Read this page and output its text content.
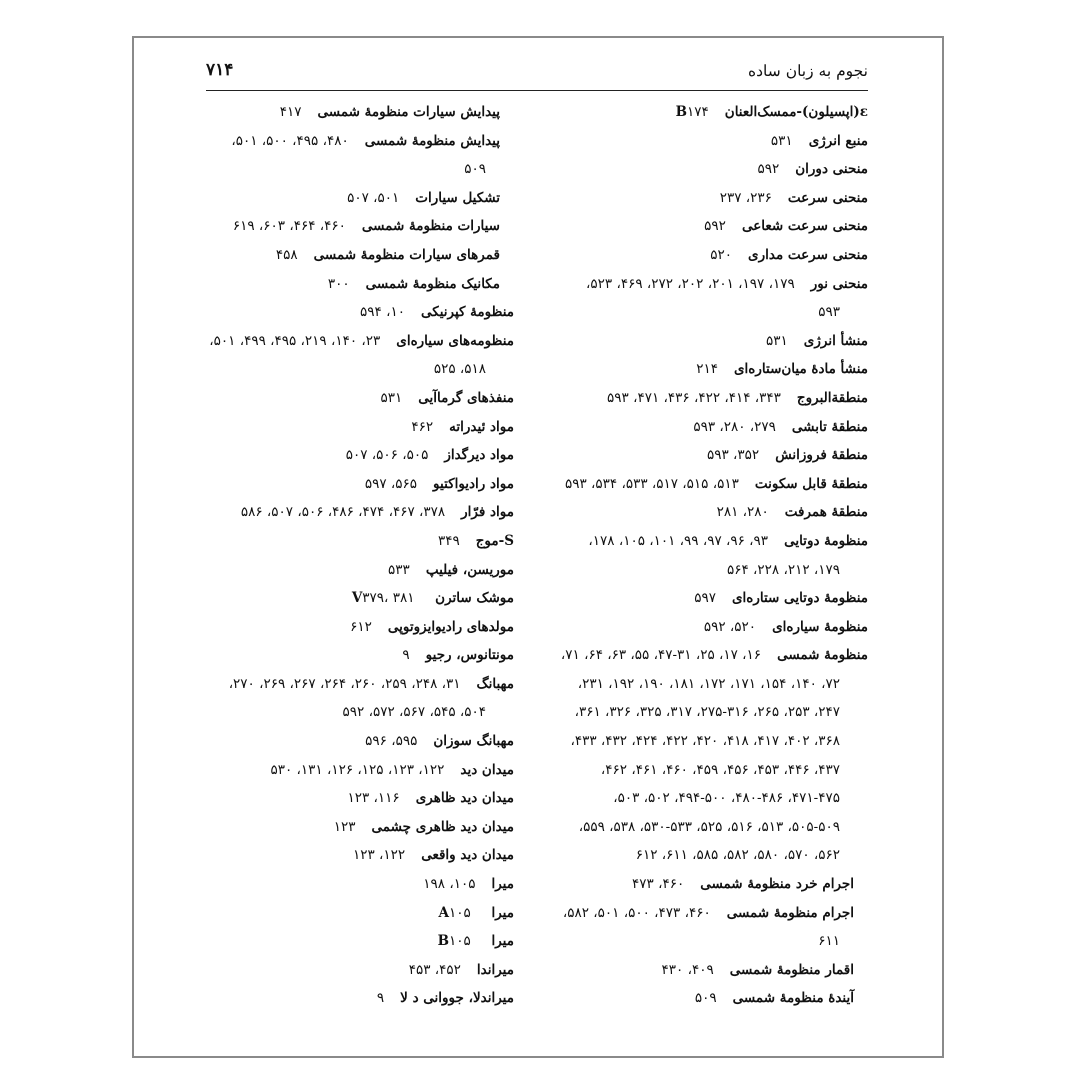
نجوم به زبان ساده
۷۱۴
ε(اپسیلون)-ممسک‌العنانB۱۷۴
منبع انرژی۵۳۱
منحنی دوران۵۹۲
منحنی سرعت۲۳۶، ۲۳۷
منحنی سرعت شعاعی۵۹۲
منحنی سرعت مداری۵۲۰
منحنی نور۱۷۹، ۱۹۷، ۲۰۱، ۲۰۲، ۲۷۲، ۴۶۹، ۵۲۳،
۵۹۳
منشأ انرژی۵۳۱
منشأ مادهٔ میان‌ستاره‌ای۲۱۴
منطقة‌البروج۳۴۳، ۴۱۴، ۴۲۲، ۴۳۶، ۴۷۱، ۵۹۳
منطقهٔ تابشی۲۷۹، ۲۸۰، ۵۹۳
منطقهٔ فروزانش۳۵۲، ۵۹۳
منطقهٔ قابل سکونت۵۱۳، ۵۱۵، ۵۱۷، ۵۳۳، ۵۳۴، ۵۹۳
منطقهٔ همرفت۲۸۰، ۲۸۱
منظومهٔ دوتایی۹۳، ۹۶، ۹۷، ۹۹، ۱۰۱، ۱۰۵، ۱۷۸،
۱۷۹، ۲۱۲، ۲۲۸، ۵۶۴
منظومهٔ دوتایی ستاره‌ای۵۹۷
منظومهٔ سیاره‌ای۵۲۰، ۵۹۲
منظومهٔ شمسی۱۶، ۱۷، ۲۵، ۳۱-۴۷، ۵۵، ۶۳، ۶۴، ۷۱،
۷۲، ۱۴۰، ۱۵۴، ۱۷۱، ۱۷۲، ۱۸۱، ۱۹۰، ۱۹۲، ۲۳۱،
۲۴۷، ۲۵۳، ۲۶۵، ۲۷۵-۳۱۶، ۳۱۷، ۳۲۵، ۳۲۶، ۳۶۱،
۳۶۸، ۴۰۲، ۴۱۷، ۴۱۸، ۴۲۰، ۴۲۲، ۴۲۴، ۴۳۲، ۴۳۳،
۴۳۷، ۴۴۶، ۴۵۳، ۴۵۶، ۴۵۹، ۴۶۰، ۴۶۱، ۴۶۲،
۴۷۱-۴۷۵، ۴۸۰-۴۸۶، ۴۹۴-۵۰۰، ۵۰۲، ۵۰۳،
۵۰۵-۵۰۹، ۵۱۳، ۵۱۶، ۵۲۵، ۵۳۰-۵۳۳، ۵۳۸، ۵۵۹،
۵۶۲، ۵۷۰، ۵۸۰، ۵۸۲، ۵۸۵، ۶۱۱، ۶۱۲
اجرام خرد منظومهٔ شمسی۴۶۰، ۴۷۳
اجرام منظومهٔ شمسی۴۶۰، ۴۷۳، ۵۰۰، ۵۰۱، ۵۸۲،
۶۱۱
اقمار منظومهٔ شمسی۴۰۹، ۴۳۰
آیندهٔ منظومهٔ شمسی۵۰۹
پیدایش سیارات منظومهٔ شمسی۴۱۷
پیدایش منظومهٔ شمسی۴۸۰، ۴۹۵، ۵۰۰، ۵۰۱،
۵۰۹
تشکیل سیارات۵۰۱، ۵۰۷
سیارات منظومهٔ شمسی۴۶۰، ۴۶۴، ۶۰۳، ۶۱۹
قمرهای سیارات منظومهٔ شمسی۴۵۸
مکانیک منظومهٔ شمسی۳۰۰
منظومهٔ کپرنیکی۱۰، ۵۹۴
منظومه‌های سیاره‌ای۲۳، ۱۴۰، ۲۱۹، ۴۹۵، ۴۹۹، ۵۰۱،
۵۱۸، ۵۲۵
منفذهای گرما‌آیی۵۳۱
مواد ئیدراته۴۶۲
مواد دیرگداز۵۰۵، ۵۰۶، ۵۰۷
مواد رادیواکتیو۵۶۵، ۵۹۷
مواد فرّار۳۷۸، ۴۶۷، ۴۷۴، ۴۸۶، ۵۰۶، ۵۰۷، ۵۸۶
S-موج۳۴۹
موریسن، فیلیپ۵۳۳
موشک ساترن V۳۷۹، ۳۸۱
مولدهای رادیوایزوتوپی۶۱۲
مونتانوس، رجیو۹
مهبانگ۳۱، ۲۴۸، ۲۵۹، ۲۶۰، ۲۶۴، ۲۶۷، ۲۶۹، ۲۷۰،
۵۰۴، ۵۴۵، ۵۶۷، ۵۷۲، ۵۹۲
مهبانگ سوزان۵۹۵، ۵۹۶
میدان دید۱۲۲، ۱۲۳، ۱۲۵، ۱۲۶، ۱۳۱، ۵۳۰
میدان دید ظاهری۱۱۶، ۱۲۳
میدان دید ظاهری چشمی۱۲۳
میدان دید واقعی۱۲۲، ۱۲۳
میرا۱۰۵، ۱۹۸
میرا A۱۰۵
میرا B۱۰۵
میراندا۴۵۲، ۴۵۳
میراندلا، جووانی د لا۹
